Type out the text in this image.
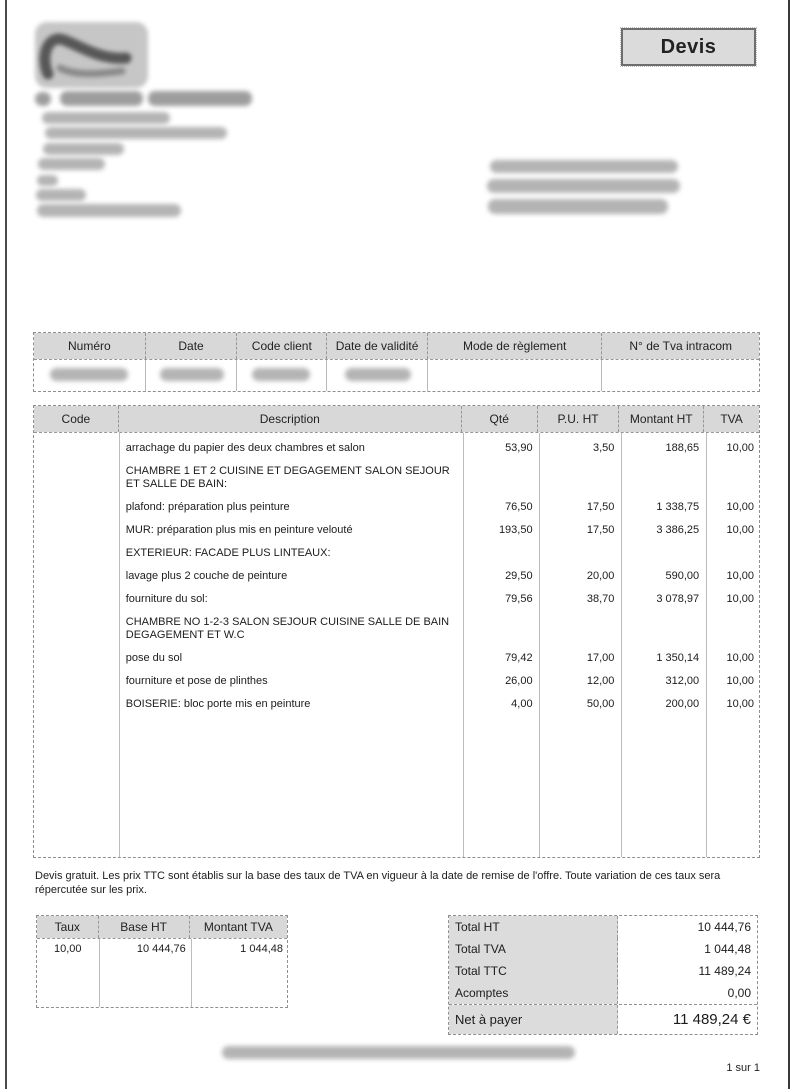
Devis
Numéro	Date	Code client	Date de validité	Mode de règlement	N° de Tva intracom
Code	Description	Qté	P.U. HT	Montant HT	TVA
arrachage du papier des deux chambres et salon	53,90	3,50	188,65	10,00
CHAMBRE 1 ET 2 CUISINE ET DEGAGEMENT SALON SEJOUR ET SALLE DE BAIN:
plafond: préparation plus peinture	76,50	17,50	1 338,75	10,00
MUR: préparation plus mis en peinture velouté	193,50	17,50	3 386,25	10,00
EXTERIEUR: FACADE PLUS LINTEAUX:
lavage plus 2 couche de peinture	29,50	20,00	590,00	10,00
fourniture du sol:	79,56	38,70	3 078,97	10,00
CHAMBRE NO 1-2-3 SALON SEJOUR CUISINE SALLE DE BAIN DEGAGEMENT ET W.C
pose du sol	79,42	17,00	1 350,14	10,00
fourniture et pose de plinthes	26,00	12,00	312,00	10,00
BOISERIE: bloc porte mis en peinture	4,00	50,00	200,00	10,00
Devis gratuit. Les prix TTC sont établis sur la base des taux de TVA en vigueur à la date de remise de l'offre. Toute variation de ces taux sera répercutée sur les prix.
Taux	Base HT	Montant TVA
10,00	10 444,76	1 044,48
Total HT	10 444,76
Total TVA	1 044,48
Total TTC	11 489,24
Acomptes	0,00
Net à payer	11 489,24 €
1 sur 1
